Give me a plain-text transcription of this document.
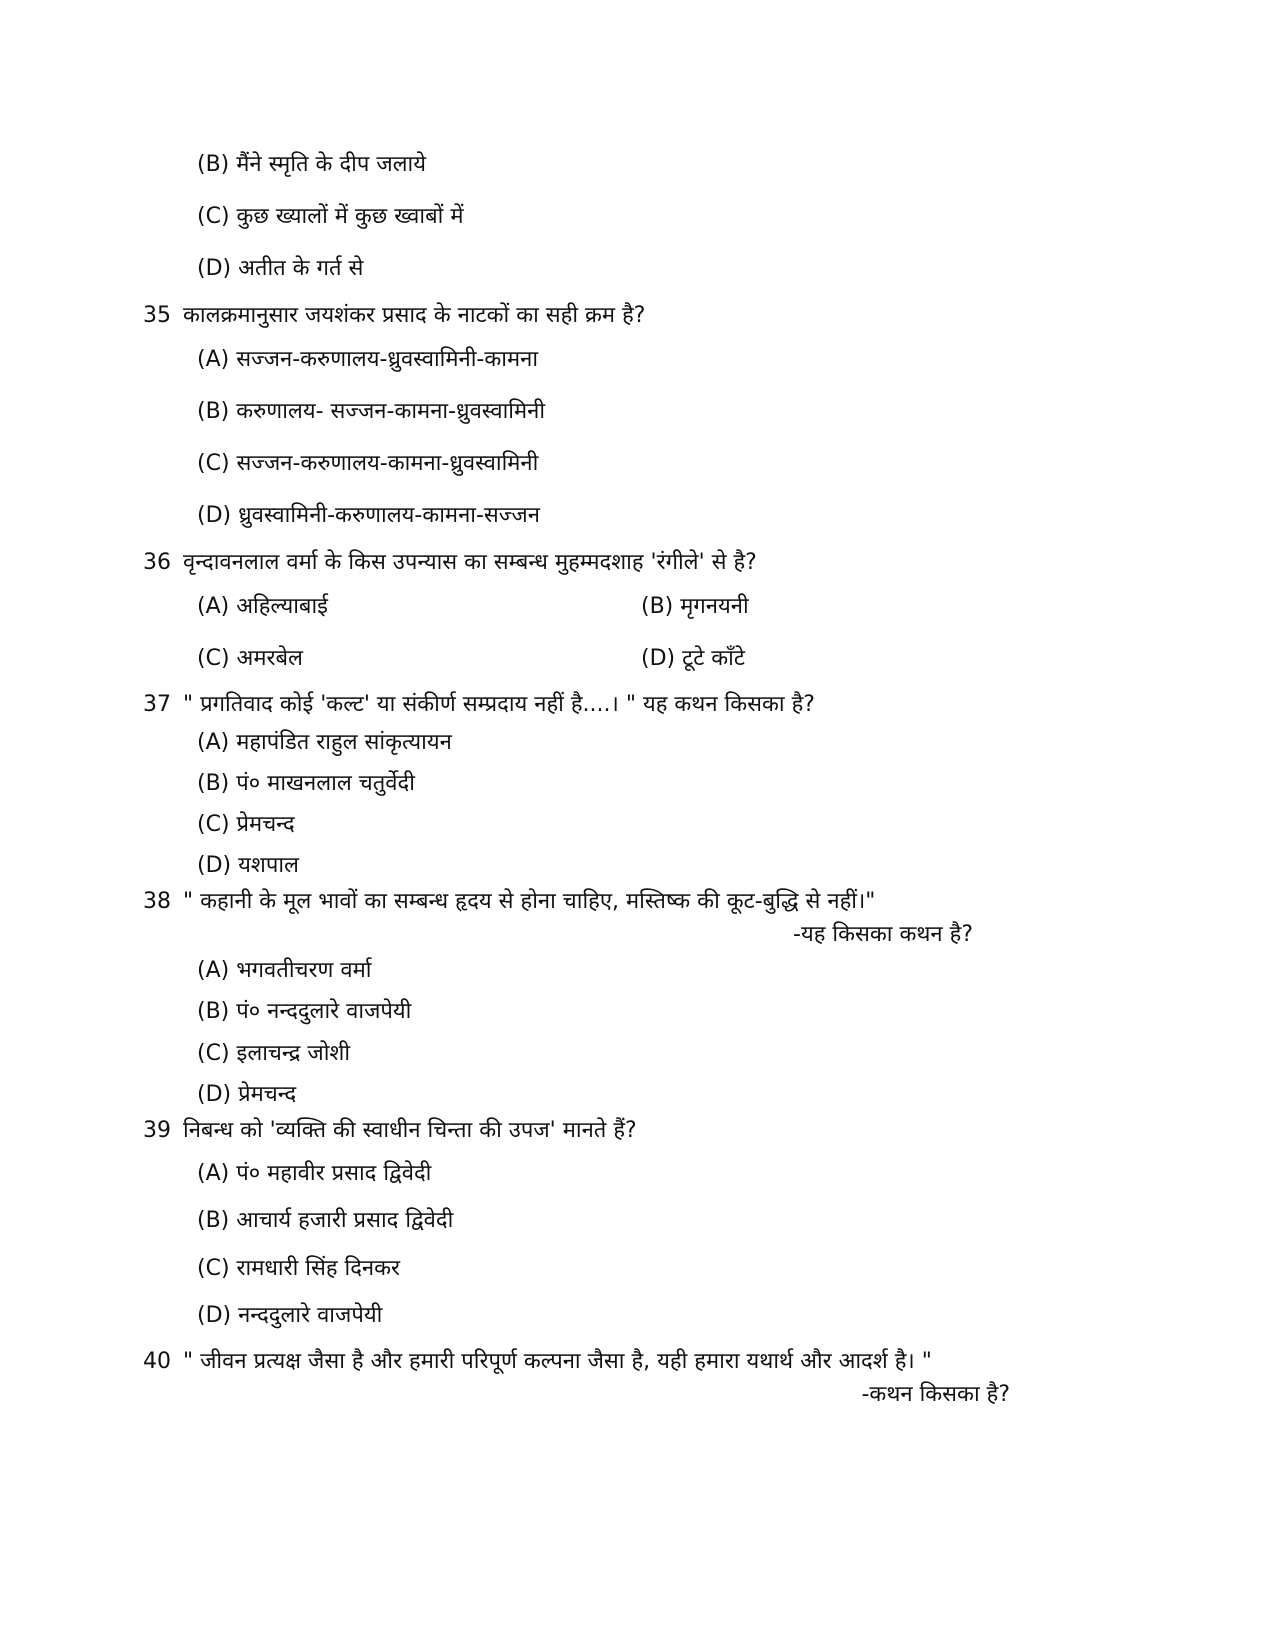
(B) मैंने स्मृति के दीप जलाये
(C) कुछ ख्यालों में कुछ ख्वाबों में
(D) अतीत के गर्त से
35 कालक्रमानुसार जयशंकर प्रसाद के नाटकों का सही क्रम है?
(A) सज्जन-करुणालय-ध्रुवस्वामिनी-कामना
(B) करुणालय- सज्जन-कामना-ध्रुवस्वामिनी
(C) सज्जन-करुणालय-कामना-ध्रुवस्वामिनी
(D) ध्रुवस्वामिनी-करुणालय-कामना-सज्जन
36 वृन्दावनलाल वर्मा के किस उपन्यास का सम्बन्ध मुहम्मदशाह 'रंगीले' से है?
(A) अहिल्याबाई	(B) मृगनयनी
(C) अमरबेल	(D) टूटे काँटे
37 " प्रगतिवाद कोई 'कल्ट' या संकीर्ण सम्प्रदाय नहीं है....। " यह कथन किसका है?
(A) महापंडित राहुल सांकृत्यायन
(B) पं० माखनलाल चतुर्वेदी
(C) प्रेमचन्द
(D) यशपाल
38 " कहानी के मूल भावों का सम्बन्ध हृदय से होना चाहिए, मस्तिष्क की कूट-बुद्धि से नहीं।"
-यह किसका कथन है?
(A) भगवतीचरण वर्मा
(B) पं० नन्ददुलारे वाजपेयी
(C) इलाचन्द्र जोशी
(D) प्रेमचन्द
39 निबन्ध को 'व्यक्ति की स्वाधीन चिन्ता की उपज' मानते हैं?
(A) पं० महावीर प्रसाद द्विवेदी
(B) आचार्य हजारी प्रसाद द्विवेदी
(C) रामधारी सिंह दिनकर
(D) नन्ददुलारे वाजपेयी
40 " जीवन प्रत्यक्ष जैसा है और हमारी परिपूर्ण कल्पना जैसा है, यही हमारा यथार्थ और आदर्श है। "
-कथन किसका है?
